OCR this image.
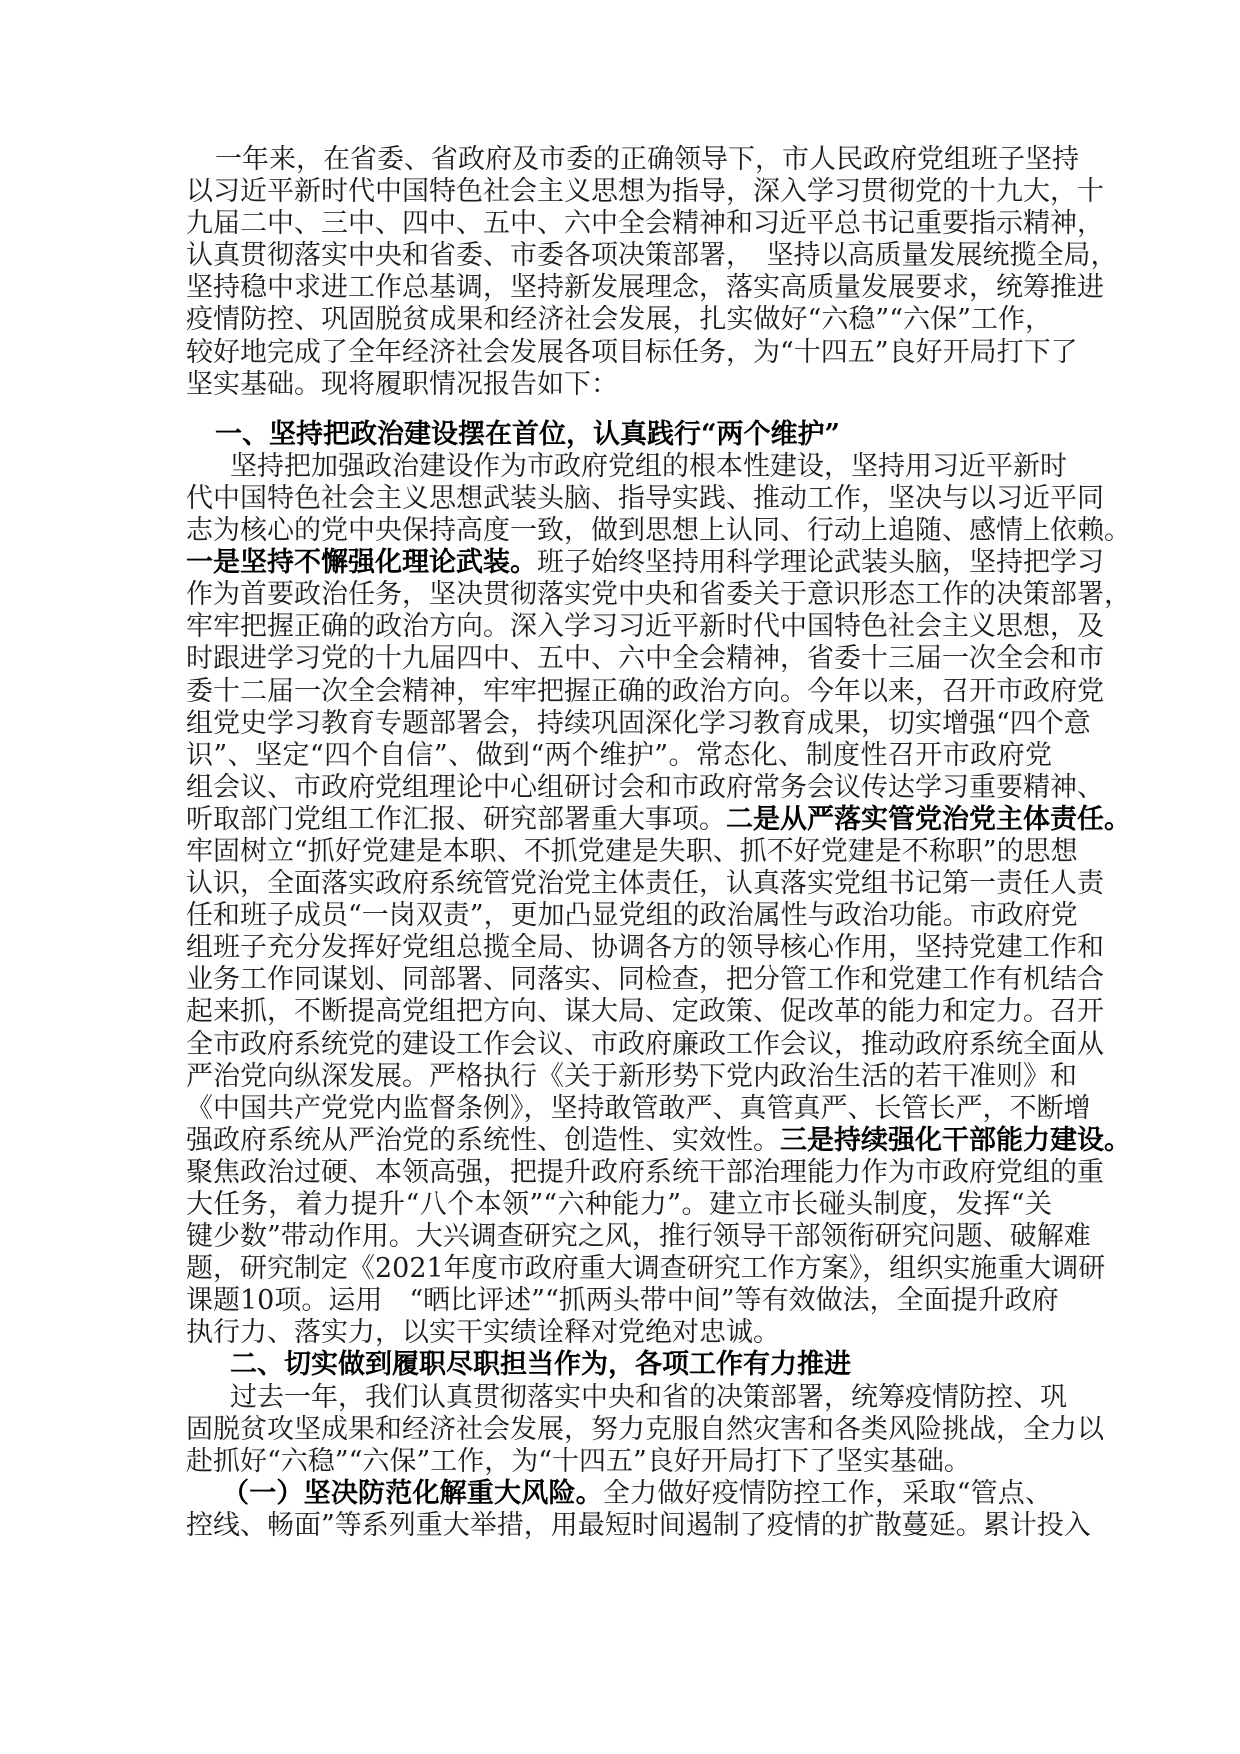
一年来，在省委、省政府及市委的正确领导下，市人民政府党组班子坚持
以习近平新时代中国特色社会主义思想为指导，深入学习贯彻党的十九大，十
九届二中、三中、四中、五中、六中全会精神和习近平总书记重要指示精神，
认真贯彻落实中央和省委、市委各项决策部署，　坚持以高质量发展统揽全局，
坚持稳中求进工作总基调，坚持新发展理念，落实高质量发展要求，统筹推进
疫情防控、巩固脱贫成果和经济社会发展，扎实做好“六稳”“六保”工作，
较好地完成了全年经济社会发展各项目标任务，为“十四五”良好开局打下了
坚实基础。现将履职情况报告如下：
一、坚持把政治建设摆在首位，认真践行“两个维护”
坚持把加强政治建设作为市政府党组的根本性建设，坚持用习近平新时
代中国特色社会主义思想武装头脑、指导实践、推动工作，坚决与以习近平同
志为核心的党中央保持高度一致，做到思想上认同、行动上追随、感情上依赖。
一是坚持不懈强化理论武装。班子始终坚持用科学理论武装头脑，坚持把学习
作为首要政治任务，坚决贯彻落实党中央和省委关于意识形态工作的决策部署，
牢牢把握正确的政治方向。深入学习习近平新时代中国特色社会主义思想，及
时跟进学习党的十九届四中、五中、六中全会精神，省委十三届一次全会和市
委十二届一次全会精神，牢牢把握正确的政治方向。今年以来，召开市政府党
组党史学习教育专题部署会，持续巩固深化学习教育成果，切实增强“四个意
识”、坚定“四个自信”、做到“两个维护”。常态化、制度性召开市政府党
组会议、市政府党组理论中心组研讨会和市政府常务会议传达学习重要精神、
听取部门党组工作汇报、研究部署重大事项。二是从严落实管党治党主体责任。
牢固树立“抓好党建是本职、不抓党建是失职、抓不好党建是不称职”的思想
认识，全面落实政府系统管党治党主体责任，认真落实党组书记第一责任人责
任和班子成员“一岗双责”，更加凸显党组的政治属性与政治功能。市政府党
组班子充分发挥好党组总揽全局、协调各方的领导核心作用，坚持党建工作和
业务工作同谋划、同部署、同落实、同检查，把分管工作和党建工作有机结合
起来抓，不断提高党组把方向、谋大局、定政策、促改革的能力和定力。召开
全市政府系统党的建设工作会议、市政府廉政工作会议，推动政府系统全面从
严治党向纵深发展。严格执行《关于新形势下党内政治生活的若干准则》和
《中国共产党党内监督条例》，坚持敢管敢严、真管真严、长管长严，不断增
强政府系统从严治党的系统性、创造性、实效性。三是持续强化干部能力建设。
聚焦政治过硬、本领高强，把提升政府系统干部治理能力作为市政府党组的重
大任务，着力提升“八个本领”“六种能力”。建立市长碰头制度，发挥“关
键少数”带动作用。大兴调查研究之风，推行领导干部领衔研究问题、破解难
题，研究制定《2021年度市政府重大调查研究工作方案》，组织实施重大调研
课题10项。运用　“晒比评述”“抓两头带中间”等有效做法，全面提升政府
执行力、落实力，以实干实绩诠释对党绝对忠诚。
二、切实做到履职尽职担当作为，各项工作有力推进
过去一年，我们认真贯彻落实中央和省的决策部署，统筹疫情防控、巩
固脱贫攻坚成果和经济社会发展，努力克服自然灾害和各类风险挑战，全力以
赴抓好“六稳”“六保”工作，为“十四五”良好开局打下了坚实基础。
（一）坚决防范化解重大风险。全力做好疫情防控工作，采取“管点、
控线、畅面”等系列重大举措，用最短时间遏制了疫情的扩散蔓延。累计投入
